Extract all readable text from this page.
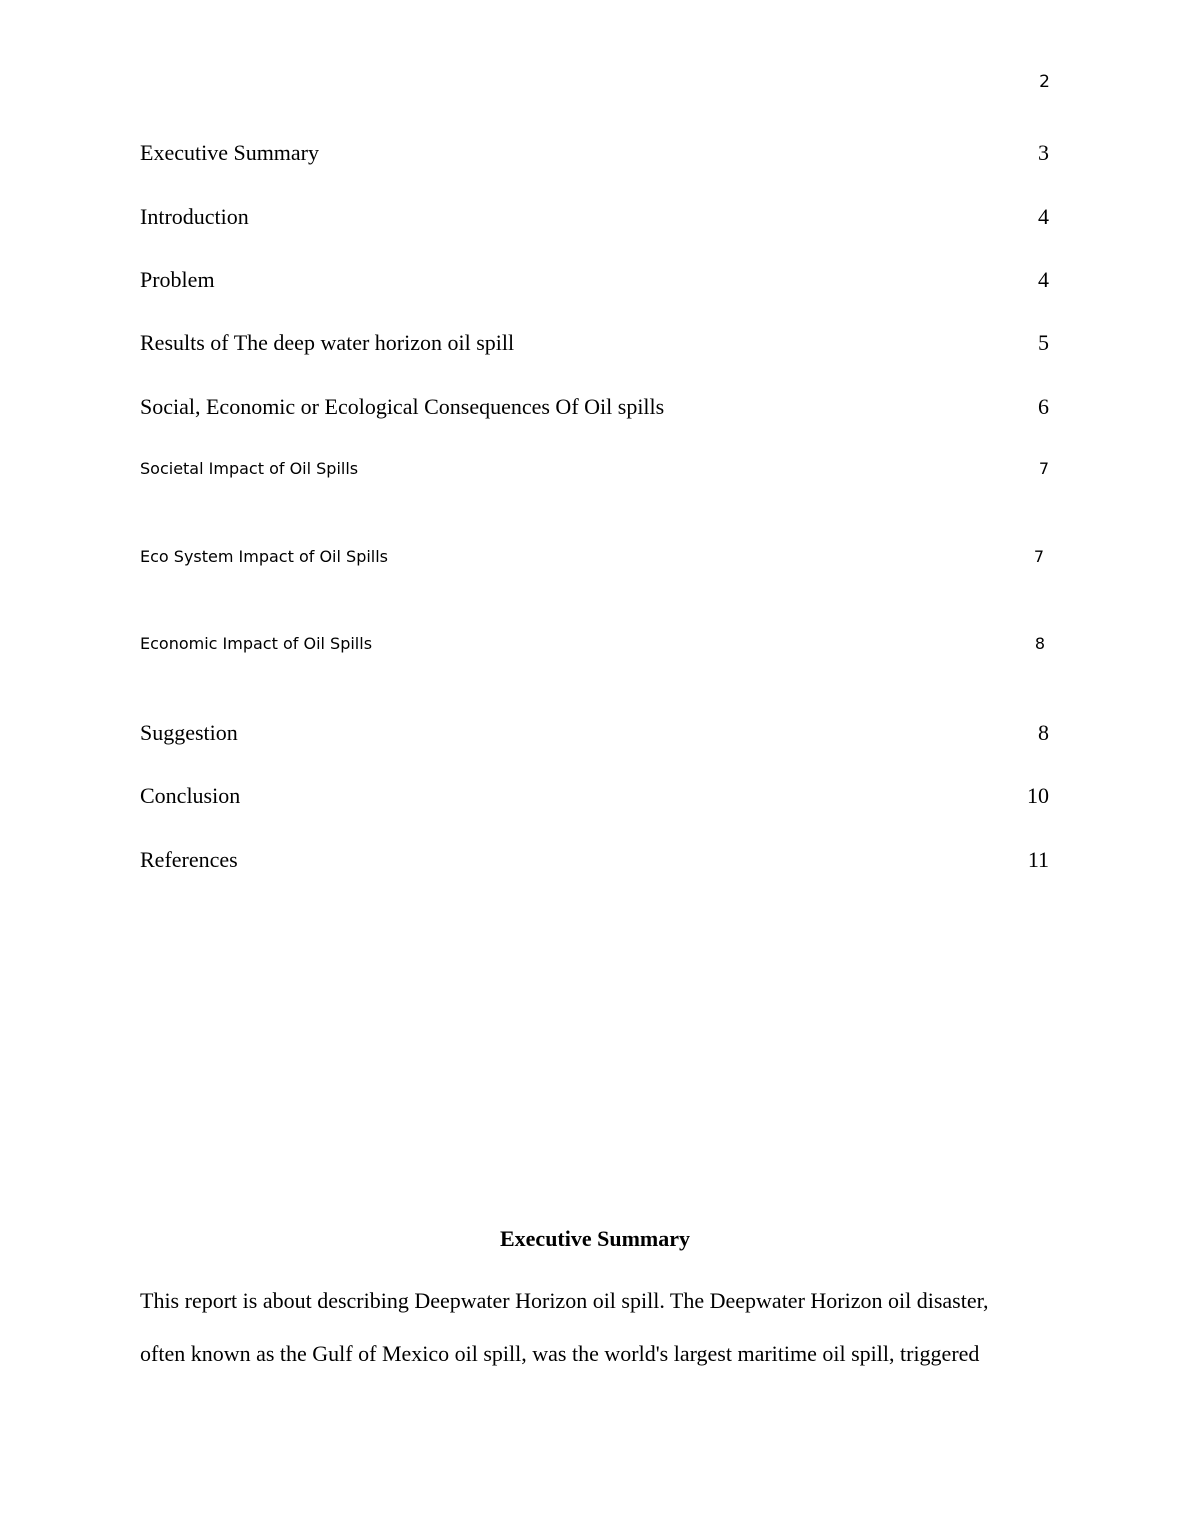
2
Executive Summary	3
Introduction	4
Problem	4
Results of The deep water horizon oil spill	5
Social, Economic or Ecological Consequences Of Oil spills	6
Societal Impact of Oil Spills	7
Eco System Impact of Oil Spills	7
Economic Impact of Oil Spills	8
Suggestion	8
Conclusion	10
References	11
Executive Summary
This report is about describing Deepwater Horizon oil spill. The Deepwater Horizon oil disaster,
often known as the Gulf of Mexico oil spill, was the world's largest maritime oil spill, triggered
